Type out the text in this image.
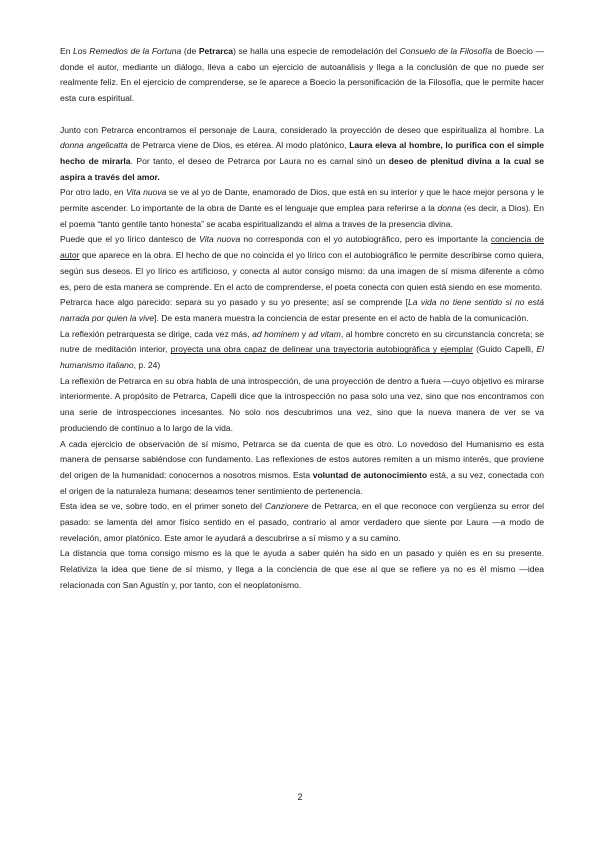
En Los Remedios de la Fortuna (de Petrarca) se halla una especie de remodelación del Consuelo de la Filosofía de Boecio —donde el autor, mediante un diálogo, lleva a cabo un ejercicio de autoanálisis y llega a la conclusión de que no puede ser realmente feliz. En el ejercicio de comprenderse, se le aparece a Boecio la personificación de la Filosofía, que le permite hacer esta cura espiritual.

Junto con Petrarca encontramos el personaje de Laura, considerado la proyección de deseo que espiritualiza al hombre. La donna angelicatta de Petrarca viene de Dios, es etérea. Al modo platónico, Laura eleva al hombre, lo purifica con el simple hecho de mirarla. Por tanto, el deseo de Petrarca por Laura no es carnal sinó un deseo de plenitud divina a la cual se aspira a través del amor.

Por otro lado, en Vita nuova se ve al yo de Dante, enamorado de Dios, que está en su interior y que le hace mejor persona y le permite ascender. Lo importante de la obra de Dante es el lenguaje que emplea para referirse a la donna (es decir, a Dios). En el poema “tanto gentile tanto honesta” se acaba espiritualizando el alma a traves de la presencia divina.

Puede que el yo lírico dantesco de Vita nuova no corresponda con el yo autobiográfico, pero es importante la conciencia de autor que aparece en la obra. El hecho de que no coincida el yo lírico con el autobiográfico le permite describirse como quiera, según sus deseos. El yo lírico es artificioso, y conecta al autor consigo mismo: da una imagen de sí misma diferente a cómo es, pero de esta manera se comprende. En el acto de comprenderse, el poeta conecta con quien está siendo en ese momento.

Petrarca hace algo parecido: separa su yo pasado y su yo presente; así se comprende [La vida no tiene sentido si no está narrada por quien la vive]. De esta manera muestra la conciencia de estar presente en el acto de habla de la comunicación.

La reflexión petrarquesta se dirige, cada vez más, ad hominem y ad vitam, al hombre concreto en su circunstancia concreta; se nutre de meditación interior, proyecta una obra capaz de delinear una trayectoria autobiográfica y ejemplar (Guido Capelli, El humanismo italiano, p. 24)

La reflexión de Petrarca en su obra habla de una introspección, de una proyección de dentro a fuera —cuyo objetivo es mirarse interiormente. A propósito de Petrarca, Capelli dice que la introspección no pasa solo una vez, sino que nos encontramos con una serie de introspecciones incesantes. No solo nos descubrimos una vez, sino que la nueva manera de ver se va produciendo de contínuo a lo largo de la vida.

A cada ejercicio de observación de sí mismo, Petrarca se da cuenta de que es otro. Lo novedoso del Humanismo es esta manera de pensarse sabiéndose con fundamento. Las reflexiones de estos autores remiten a un mismo interés, que proviene del origen de la humanidad: conocernos a nosotros mismos. Esta voluntad de autonocimiento está, a su vez, conectada con el origen de la naturaleza humana: deseamos tener sentimiento de pertenencia.

Esta idea se ve, sobre todo, en el primer soneto del Canzionere de Petrarca, en el que reconoce con vergüenza su error del pasado: se lamenta del amor físico sentido en el pasado, contrario al amor verdadero que siente por Laura —a modo de revelación, amor platónico. Este amor le ayudará a descubrirse a sí mismo y a su camino.

La distancia que toma consigo mismo es la que le ayuda a saber quién ha sido en un pasado y quién es en su presente. Relativiza la idea que tiene de sí mismo, y llega a la conciencia de que ese al que se refiere ya no es él mismo —idea relacionada con San Agustín y, por tanto, con el neoplatonismo.

2
